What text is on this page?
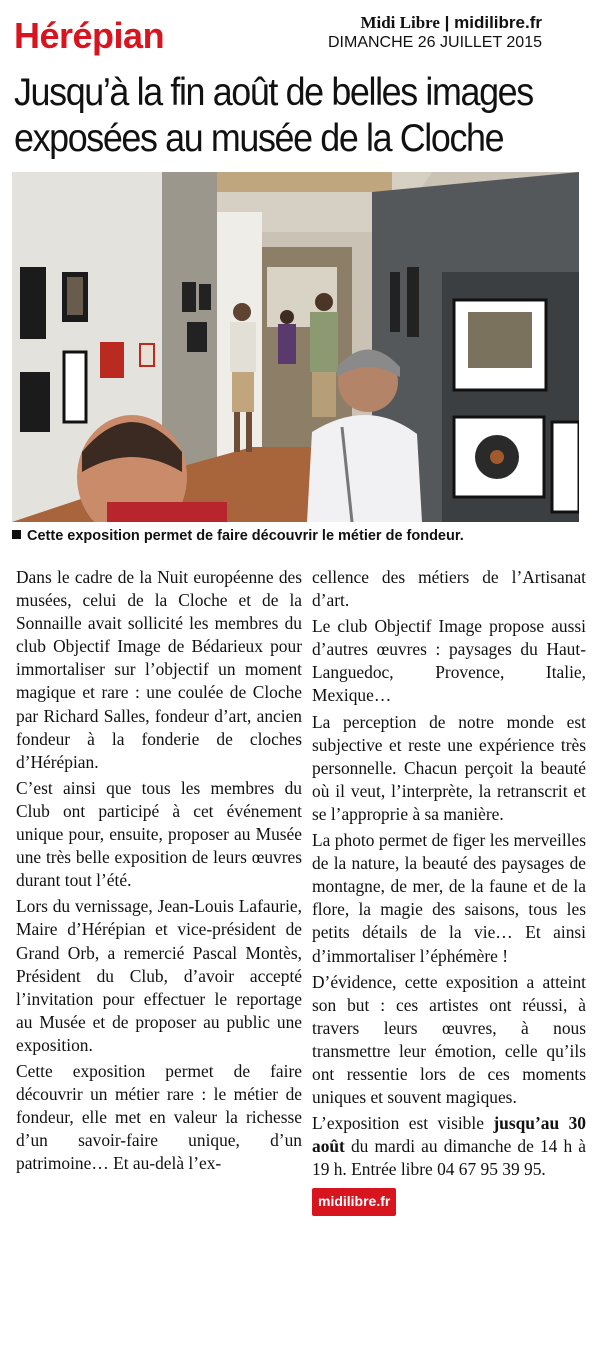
Hérépian	Midi Libre | midilibre.fr
DIMANCHE 26 JUILLET 2015
Jusqu’à la fin août de belles images
exposées au musée de la Cloche
Cette exposition permet de faire découvrir le métier de fondeur.

Dans le cadre de la Nuit européenne des musées, celui de la Cloche et de la Sonnaille avait sollicité les membres du club Objectif Image de Bédarieux pour immortaliser sur l’objectif un moment magique et rare : une coulée de Cloche par Richard Salles, fondeur d’art, ancien fondeur à la fonderie de cloches d’Hérépian.

C’est ainsi que tous les membres du Club ont participé à cet événement unique pour, ensuite, proposer au Musée une très belle exposition de leurs œuvres durant tout l’été.

Lors du vernissage, Jean-Louis Lafaurie, Maire d’Hérépian et vice-président de Grand Orb, a remercié Pascal Montès, Président du Club, d’avoir accepté l’invitation pour effectuer le reportage au Musée et de proposer au public une exposition.

Cette exposition permet de faire découvrir un métier rare : le métier de fondeur, elle met en valeur la richesse d’un savoir-faire unique, d’un patrimoine… Et au-delà l’ex-

cellence des métiers de l’Artisanat d’art.

Le club Objectif Image propose aussi d’autres œuvres : paysages du Haut-Languedoc, Provence, Italie, Mexique…

La perception de notre monde est subjective et reste une expérience très personnelle. Chacun perçoit la beauté où il veut, l’interprète, la retranscrit et se l’approprie à sa manière.

La photo permet de figer les merveilles de la nature, la beauté des paysages de montagne, de mer, de la faune et de la flore, la magie des saisons, tous les petits détails de la vie… Et ainsi d’immortaliser l’éphémère !

D’évidence, cette exposition a atteint son but : ces artistes ont réussi, à travers leurs œuvres, à nous transmettre leur émotion, celle qu’ils ont ressentie lors de ces moments uniques et souvent magiques.

L’exposition est visible jusqu’au 30 août du mardi au dimanche de 14 h à 19 h. Entrée libre 04 67 95 39 95.

midilibre.fr
